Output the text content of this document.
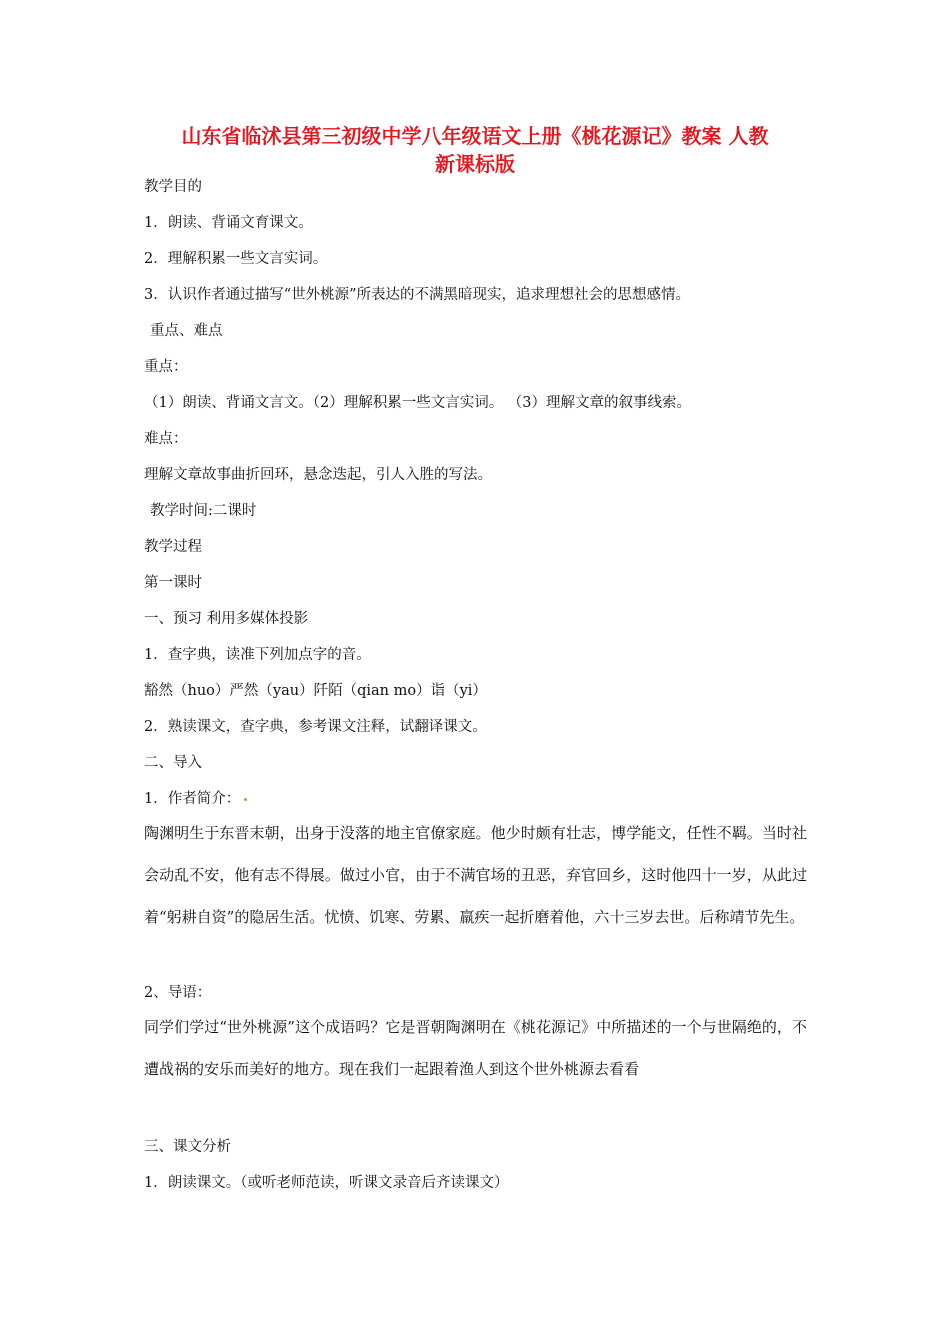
山东省临沭县第三初级中学八年级语文上册《桃花源记》教案 人教
新课标版

教学目的

1．朗读、背诵文育课文。

2．理解积累一些文言实词。

3．认识作者通过描写“世外桃源”所表达的不满黑暗现实，追求理想社会的思想感情。

重点、难点

重点：

（1）朗读、背诵文言文。（2）理解积累一些文言实词。 （3）理解文章的叙事线索。

难点：

理解文章故事曲折回环，悬念迭起，引人入胜的写法。

教学时间:二课时

教学过程

第一课时

一、预习 利用多媒体投影

1．查字典，读准下列加点字的音。

豁然（huo）严然（yau）阡陌（qian mo）诣（yi）

2．熟读课文，查字典，参考课文注释，试翻译课文。

二、导入

1．作者简介：

陶渊明生于东晋末朝，出身于没落的地主官僚家庭。他少时颇有壮志，博学能文，任性不羁。当时社会动乱不安，他有志不得展。做过小官，由于不满官场的丑恶，弃官回乡，这时他四十一岁，从此过着“躬耕自资”的隐居生活。忧愤、饥寒、劳累、羸疾一起折磨着他，六十三岁去世。后称靖节先生。

2、导语：

同学们学过“世外桃源”这个成语吗？它是晋朝陶渊明在《桃花源记》中所描述的一个与世隔绝的，不遭战祸的安乐而美好的地方。现在我们一起跟着渔人到这个世外桃源去看看

三、课文分析

1．朗读课文。（或听老师范读，听课文录音后齐读课文）
